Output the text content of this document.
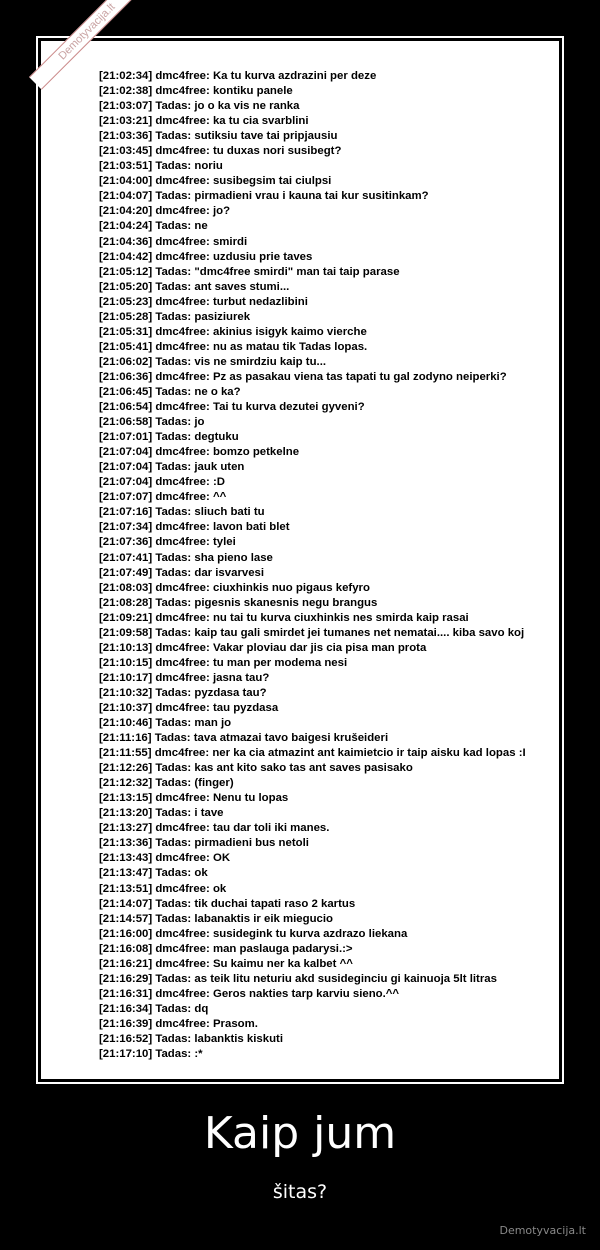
Demotyvacija.lt
[21:02:34] dmc4free: Ka tu kurva azdrazini per deze
[21:02:38] dmc4free: kontiku panele
[21:03:07] Tadas: jo o ka vis ne ranka
[21:03:21] dmc4free: ka tu cia svarblini
[21:03:36] Tadas: sutiksiu tave tai pripjausiu
[21:03:45] dmc4free: tu duxas nori susibegt?
[21:03:51] Tadas: noriu
[21:04:00] dmc4free: susibegsim tai ciulpsi
[21:04:07] Tadas: pirmadieni vrau i kauna tai kur susitinkam?
[21:04:20] dmc4free: jo?
[21:04:24] Tadas: ne
[21:04:36] dmc4free: smirdi
[21:04:42] dmc4free: uzdusiu prie taves
[21:05:12] Tadas: "dmc4free smirdi" man tai taip parase
[21:05:20] Tadas: ant saves stumi...
[21:05:23] dmc4free: turbut nedazlibini
[21:05:28] Tadas: pasiziurek
[21:05:31] dmc4free: akinius isigyk kaimo vierche
[21:05:41] dmc4free: nu as matau tik Tadas lopas.
[21:06:02] Tadas: vis ne smirdziu kaip tu...
[21:06:36] dmc4free: Pz as pasakau viena tas tapati tu gal zodyno neiperki?
[21:06:45] Tadas: ne o ka?
[21:06:54] dmc4free: Tai tu kurva dezutei gyveni?
[21:06:58] Tadas: jo
[21:07:01] Tadas: degtuku
[21:07:04] dmc4free: bomzo petkelne
[21:07:04] Tadas: jauk uten
[21:07:04] dmc4free: :D
[21:07:07] dmc4free: ^^
[21:07:16] Tadas: sliuch bati tu
[21:07:34] dmc4free: lavon bati blet
[21:07:36] dmc4free: tylei
[21:07:41] Tadas: sha pieno lase
[21:07:49] Tadas: dar isvarvesi
[21:08:03] dmc4free: ciuxhinkis nuo pigaus kefyro
[21:08:28] Tadas: pigesnis skanesnis negu brangus
[21:09:21] dmc4free: nu tai tu kurva ciuxhinkis nes smirda kaip rasai
[21:09:58] Tadas: kaip tau gali smirdet jei tumanes net nematai.... kiba savo koj
[21:10:13] dmc4free: Vakar ploviau dar jis cia pisa man prota
[21:10:15] dmc4free: tu man per modema nesi
[21:10:17] dmc4free: jasna tau?
[21:10:32] Tadas: pyzdasa tau?
[21:10:37] dmc4free: tau pyzdasa
[21:10:46] Tadas: man jo
[21:11:16] Tadas: tava atmazai tavo baigesi krušeideri
[21:11:55] dmc4free: ner ka cia atmazint ant kaimietcio ir taip aisku kad lopas :I
[21:12:26] Tadas: kas ant kito sako tas ant saves pasisako
[21:12:32] Tadas: (finger)
[21:13:15] dmc4free: Nenu tu lopas
[21:13:20] Tadas: i tave
[21:13:27] dmc4free: tau dar toli iki manes.
[21:13:36] Tadas: pirmadieni bus netoli
[21:13:43] dmc4free: OK
[21:13:47] Tadas: ok
[21:13:51] dmc4free: ok
[21:14:07] Tadas: tik duchai tapati raso 2 kartus
[21:14:57] Tadas: labanaktis ir eik miegucio
[21:16:00] dmc4free: susidegink tu kurva azdrazo liekana
[21:16:08] dmc4free: man paslauga padarysi.:>
[21:16:21] dmc4free: Su kaimu ner ka kalbet ^^
[21:16:29] Tadas: as teik litu neturiu akd susideginciu gi kainuoja 5lt litras
[21:16:31] dmc4free: Geros nakties tarp karviu sieno.^^
[21:16:34] Tadas: dq
[21:16:39] dmc4free: Prasom.
[21:16:52] Tadas: labanktis kiskuti
[21:17:10] Tadas: :*
Kaip jum
šitas?
Demotyvacija.lt
